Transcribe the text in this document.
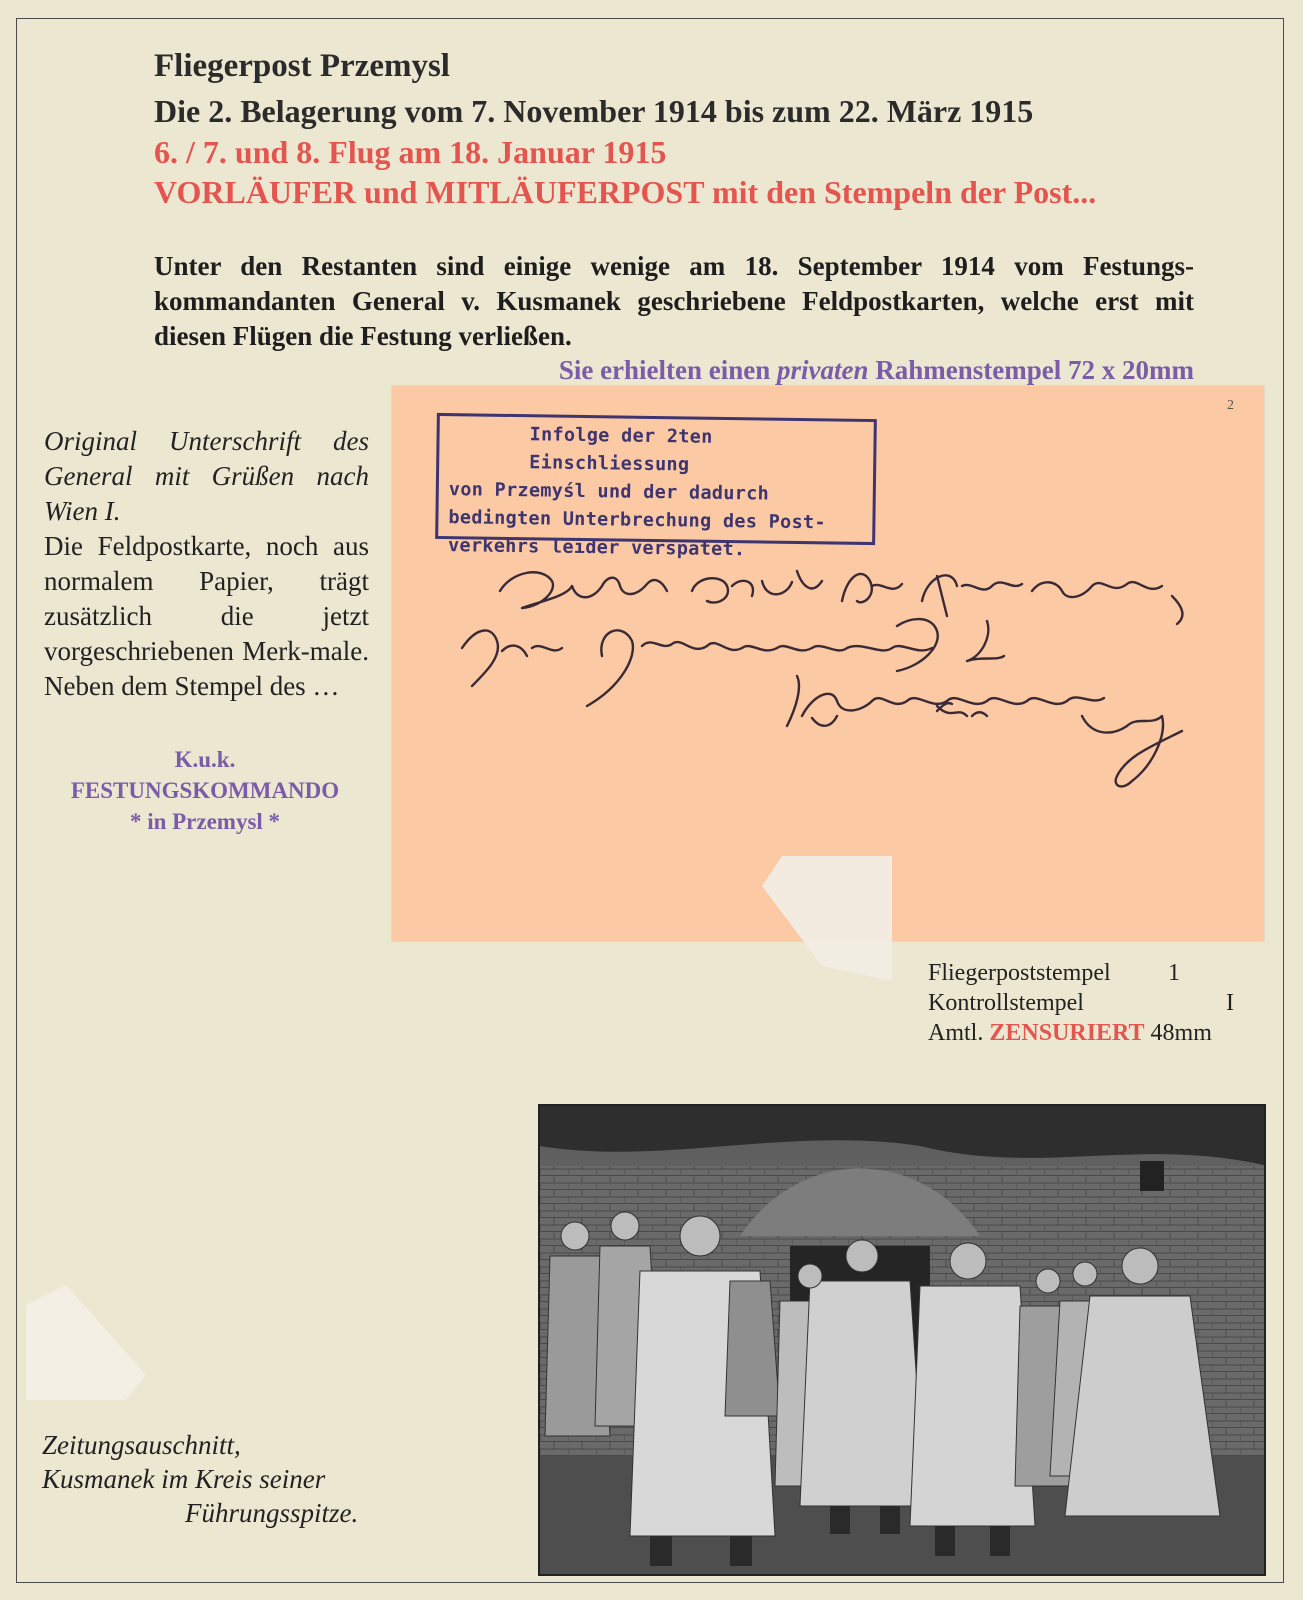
Fliegerpost Przemysl
Die 2. Belagerung vom 7. November 1914 bis zum 22. März 1915
6. / 7. und 8. Flug am 18. Januar 1915
VORLÄUFER und MITLÄUFERPOST mit den Stempeln der Post...

Unter den Restanten sind einige wenige am 18. September 1914 vom Festungs-kommandanten General v. Kusmanek geschriebene Feldpostkarten, welche erst mit diesen Flügen die Festung verließen.

Sie erhielten einen privaten Rahmenstempel 72 x 20mm
Original Unterschrift des
General mit Grüßen nach
Wien I.
Die Feldpostkarte, noch aus normalem Papier, trägt zusätzlich die jetzt vorgeschriebenen Merk-male. Neben dem Stempel des …
K.u.k.
FESTUNGSKOMMANDO
* in Przemysl *
Infolge der 2ten Einschliessung
von Przemyśl und der dadurch
bedingten Unterbrechung des Post-
verkehrs leider verspätet.
2
Fliegerpoststempel 1
Kontrollstempel	I
Amtl. ZENSURIERT 48mm
Zeitungsauschnitt,
Kusmanek im Kreis seiner
Führungsspitze.
